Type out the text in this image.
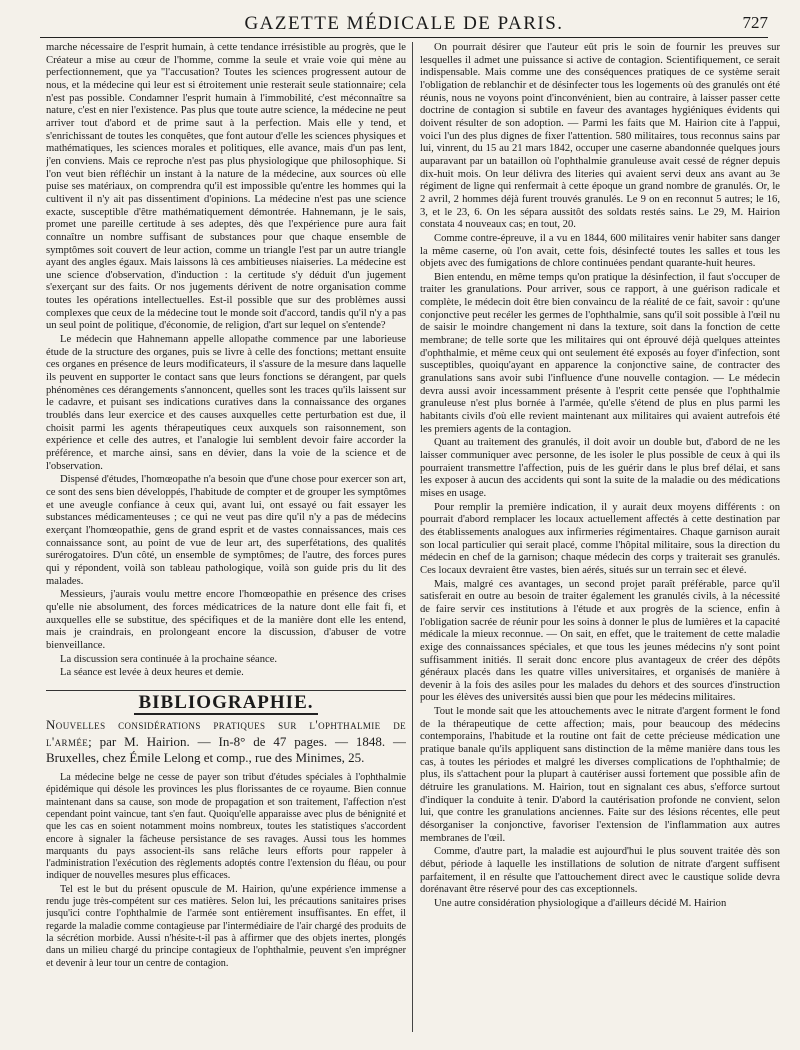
GAZETTE MÉDICALE DE PARIS.	727

marche nécessaire de l'esprit humain, à cette tendance irrésistible au progrès, que le Créateur a mise au cœur de l'homme, comme la seule et vraie voie qui mène au perfectionnement, que ya "l'accusation? Toutes les sciences progressent autour de nous, et la médecine qui leur est si étroitement unie resterait seule stationnaire; cela n'est pas possible. Condamner l'esprit humain à l'immobilité, c'est méconnaître sa nature, c'est en nier l'existence. Pas plus que toute autre science, la médecine ne peut arriver tout d'abord et de prime saut à la perfection. Mais elle y tend, et s'enrichissant de toutes les conquêtes, que font autour d'elle les sciences physiques et mathématiques, les sciences morales et politiques, elle avance, mais d'un pas lent, j'en conviens. Mais ce reproche n'est pas plus physiologique que philosophique. Si l'on veut bien réfléchir un instant à la nature de la médecine, aux sources où elle puise ses matériaux, on comprendra qu'il est impossible qu'entre les hommes qui la cultivent il n'y ait pas dissentiment d'opinions. La médecine n'est pas une science exacte, susceptible d'être mathématiquement démontrée. Hahnemann, je le sais, promet une pareille certitude à ses adeptes, dès que l'expérience pure aura fait connaître un nombre suffisant de substances pour que chaque ensemble de symptômes soit couvert de leur action, comme un triangle l'est par un autre triangle ayant des angles égaux. Mais laissons là ces ambitieuses niaiseries. La médecine est une science d'observation, d'induction : la certitude s'y déduit d'un jugement s'exerçant sur des faits. Or nos jugements dérivent de notre organisation comme toutes les opérations intellectuelles. Est-il possible que sur des problèmes aussi complexes que ceux de la médecine tout le monde soit d'accord, tandis qu'il n'y a pas un seul point de politique, d'économie, de religion, d'art sur lequel on s'entende?

Le médecin que Hahnemann appelle allopathe commence par une laborieuse étude de la structure des organes, puis se livre à celle des fonctions; mettant ensuite ces organes en présence de leurs modificateurs, il s'assure de la mesure dans laquelle ils peuvent en supporter le contact sans que leurs fonctions se dérangent, par quels phénomènes ces dérangements s'annoncent, quelles sont les traces qu'ils laissent sur le cadavre, et puisant ses indications curatives dans la connaissance des organes troublés dans leur exercice et des causes auxquelles cette perturbation est due, il choisit parmi les agents thérapeutiques ceux auxquels son raisonnement, son expérience et celle des autres, et l'analogie lui semblent devoir faire accorder la préférence, et marche ainsi, sans en dévier, dans la voie de la science et de l'observation.

Dispensé d'études, l'homœopathe n'a besoin que d'une chose pour exercer son art, ce sont des sens bien développés, l'habitude de compter et de grouper les symptômes et une aveugle confiance à ceux qui, avant lui, ont essayé ou fait essayer les substances médicamenteuses ; ce qui ne veut pas dire qu'il n'y a pas de médecins exerçant l'homœopathie, gens de grand esprit et de vastes connaissances, mais ces connaissance sont, au point de vue de leur art, des superfétations, des qualités surérogatoires. D'un côté, un ensemble de symptômes; de l'autre, des forces pures qui y répondent, voilà son tableau pathologique, voilà son guide pris du lit des malades.

Messieurs, j'aurais voulu mettre encore l'homœopathie en présence des crises qu'elle nie absolument, des forces médicatrices de la nature dont elle fait fi, et auxquelles elle se substitue, des spécifiques et de la manière dont elle les entend, mais je craindrais, en prolongeant encore la discussion, d'abuser de votre bienveillance.

La discussion sera continuée à la prochaine séance.

La séance est levée à deux heures et demie.

BIBLIOGRAPHIE.
Nouvelles considérations pratiques sur l'ophthalmie de l'armée; par M. Hairion. — In-8° de 47 pages. — 1848. — Bruxelles, chez Émile Lelong et comp., rue des Minimes, 25.

La médecine belge ne cesse de payer son tribut d'études spéciales à l'ophthalmie épidémique qui désole les provinces les plus florissantes de ce royaume. Bien connue maintenant dans sa cause, son mode de propagation et son traitement, l'affection n'est cependant point vaincue, tant s'en faut. Quoiqu'elle apparaisse avec plus de bénignité et que les cas en soient notamment moins nombreux, toutes les statistiques s'accordent encore à signaler la fâcheuse persistance de ses ravages. Aussi tous les hommes marquants du pays associent-ils sans relâche leurs efforts pour rappeler à l'administration l'exécution des règlements adoptés contre l'extension du fléau, ou pour indiquer de nouvelles mesures plus efficaces.

Tel est le but du présent opuscule de M. Hairion, qu'une expérience immense a rendu juge très-compétent sur ces matières. Selon lui, les précautions sanitaires prises jusqu'ici contre l'ophthalmie de l'armée sont entièrement insuffisantes. En effet, il regarde la maladie comme contagieuse par l'intermédiaire de l'air chargé des produits de la sécrétion morbide. Aussi n'hésite-t-il pas à affirmer que des objets inertes, plongés dans un milieu chargé du principe contagieux de l'ophthalmie, peuvent s'en imprégner et devenir à leur tour un centre de contagion.

On pourrait désirer que l'auteur eût pris le soin de fournir les preuves sur lesquelles il admet une puissance si active de contagion. Scientifiquement, ce serait indispensable. Mais comme une des conséquences pratiques de ce système serait l'obligation de reblanchir et de désinfecter tous les logements où des granulés ont été réunis, nous ne voyons point d'inconvénient, bien au contraire, à laisser passer cette doctrine de contagion si subtile en faveur des avantages hygiéniques évidents qui doivent résulter de son adoption. — Parmi les faits que M. Hairion cite à l'appui, voici l'un des plus dignes de fixer l'attention. 580 militaires, tous reconnus sains par lui, vinrent, du 15 au 21 mars 1842, occuper une caserne abandonnée quelques jours auparavant par un bataillon où l'ophthalmie granuleuse avait cessé de régner depuis dix-huit mois. On leur délivra des literies qui avaient servi deux ans avant au 3e régiment de ligne qui renfermait à cette époque un grand nombre de granulés. Or, le 2 avril, 2 hommes déjà furent trouvés granulés. Le 9 on en reconnut 5 autres; le 16, 3, et le 23, 6. On les sépara aussitôt des soldats restés sains. Le 29, M. Hairion constata 4 nouveaux cas; en tout, 20.

Comme contre-épreuve, il a vu en 1844, 600 militaires venir habiter sans danger la même caserne, où l'on avait, cette fois, désinfecté toutes les salles et tous les objets avec des fumigations de chlore continuées pendant quarante-huit heures.

Bien entendu, en même temps qu'on pratique la désinfection, il faut s'occuper de traiter les granulations. Pour arriver, sous ce rapport, à une guérison radicale et complète, le médecin doit être bien convaincu de la réalité de ce fait, savoir : qu'une conjonctive peut recéler les germes de l'ophthalmie, sans qu'il soit possible à l'œil nu de saisir le moindre changement ni dans la texture, soit dans la fonction de cette membrane; de telle sorte que les militaires qui ont éprouvé déjà quelques atteintes d'ophthalmie, et même ceux qui ont seulement été exposés au foyer d'infection, sont susceptibles, quoiqu'ayant en apparence la conjonctive saine, de contracter des granulations sans avoir subi l'influence d'une nouvelle contagion. — Le médecin devra aussi avoir incessamment présente à l'esprit cette pensée que l'ophthalmie granuleuse n'est plus bornée à l'armée, qu'elle s'étend de plus en plus parmi les habitants civils d'où elle revient maintenant aux militaires qui avaient autrefois été les premiers agents de la contagion.

Quant au traitement des granulés, il doit avoir un double but, d'abord de ne les laisser communiquer avec personne, de les isoler le plus possible de ceux à qui ils pourraient transmettre l'affection, puis de les guérir dans le plus bref délai, et sans les exposer à aucun des accidents qui sont la suite de la maladie ou des médications mises en usage.

Pour remplir la première indication, il y aurait deux moyens différents : on pourrait d'abord remplacer les locaux actuellement affectés à cette destination par des établissements analogues aux infirmeries régimentaires. Chaque garnison aurait son local particulier qui serait placé, comme l'hôpital militaire, sous la direction du médecin en chef de la garnison; chaque médecin des corps y traiterait ses granulés. Ces locaux devraient être vastes, bien aérés, situés sur un terrain sec et élevé.

Mais, malgré ces avantages, un second projet paraît préférable, parce qu'il satisferait en outre au besoin de traiter également les granulés civils, à la nécessité de faire servir ces institutions à l'étude et aux progrès de la science, enfin à l'obligation sacrée de réunir pour les soins à donner le plus de lumières et la capacité médicale la mieux reconnue. — On sait, en effet, que le traitement de cette maladie exige des connaissances spéciales, et que tous les jeunes médecins n'y sont point suffisamment initiés. Il serait donc encore plus avantageux de créer des dépôts généraux placés dans les quatre villes universitaires, et organisés de manière à devenir à la fois des asiles pour les malades du dehors et des sources d'instruction pour les élèves des universités aussi bien que pour les médecins militaires.

Tout le monde sait que les attouchements avec le nitrate d'argent forment le fond de la thérapeutique de cette affection; mais, pour beaucoup des médecins contemporains, l'habitude et la routine ont fait de cette précieuse médication une pratique banale qu'ils appliquent sans distinction de la même manière dans tous les cas, à toutes les périodes et malgré les diverses complications de l'ophthalmie; de plus, ils s'attachent pour la plupart à cautériser aussi fortement que possible afin de détruire les granulations. M. Hairion, tout en signalant ces abus, s'efforce surtout d'indiquer la conduite à tenir. D'abord la cautérisation profonde ne convient, selon lui, que contre les granulations anciennes. Faite sur des lésions récentes, elle peut désorganiser la conjonctive, favoriser l'extension de l'inflammation aux autres membranes de l'œil.

Comme, d'autre part, la maladie est aujourd'hui le plus souvent traitée dès son début, période à laquelle les instillations de solution de nitrate d'argent suffisent parfaitement, il en résulte que l'attouchement direct avec le caustique solide devra dorénavant être réservé pour des cas exceptionnels.

Une autre considération physiologique a d'ailleurs décidé M. Hairion
